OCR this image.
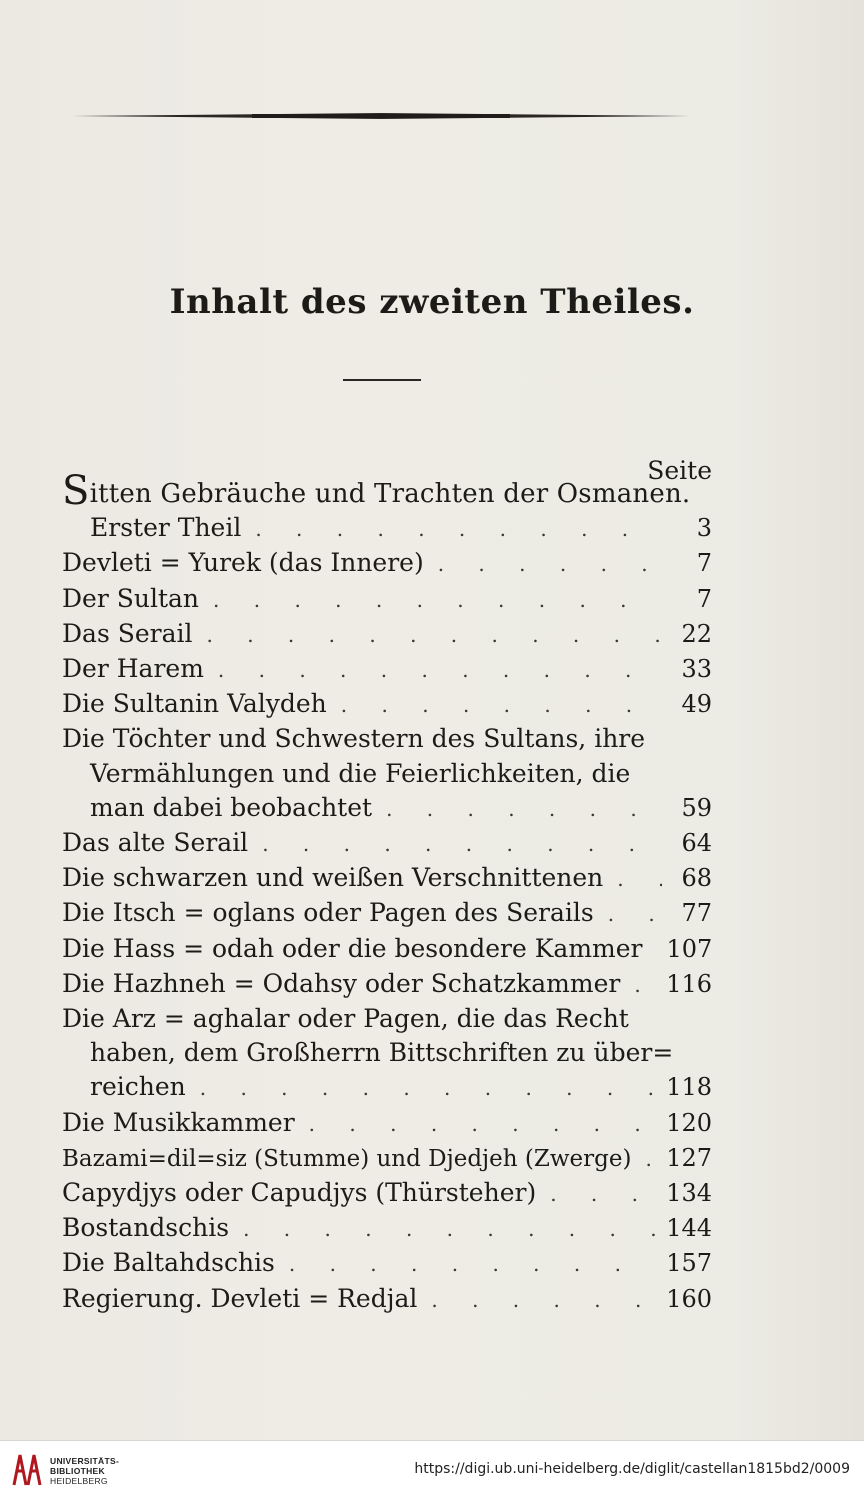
Inhalt des zweiten Theiles.
Seite
Sitten Gebräuche und Trachten der Osmanen.
Erster Theil . . .	3
Devleti = Yurek (das Innere) . . .	7
Der Sultan . . .	7
Das Serail . . .	22
Der Harem . . .	33
Die Sultanin Valydeh . . .	49
Die Töchter und Schwestern des Sultans, ihre
Vermählungen und die Feierlichkeiten, die
man dabei beobachtet . . .	59
Das alte Serail . . .	64
Die schwarzen und weißen Verschnittenen . . .	68
Die Itsch = oglans oder Pagen des Serails . . .	77
Die Hass = odah oder die besondere Kammer 107
Die Hazhneh = Odahsy oder Schatzkammer . . . 116
Die Arz = aghalar oder Pagen, die das Recht
haben, dem Großherrn Bittschriften zu über=
reichen . . .	118
Die Musikkammer . . .	120
Bazami=dil=siz (Stumme) und Djedjeh (Zwerge) . . . 127
Capydjys oder Capudjys (Thürsteher) . . .	134
Bostandschis . . .	144
Die Baltahdschis . . .	157
Regierung. Devleti = Redjal . . .	160
UNIVERSITÄTS-
BIBLIOTHEK
HEIDELBERG
https://digi.ub.uni-heidelberg.de/diglit/castellan1815bd2/0009
